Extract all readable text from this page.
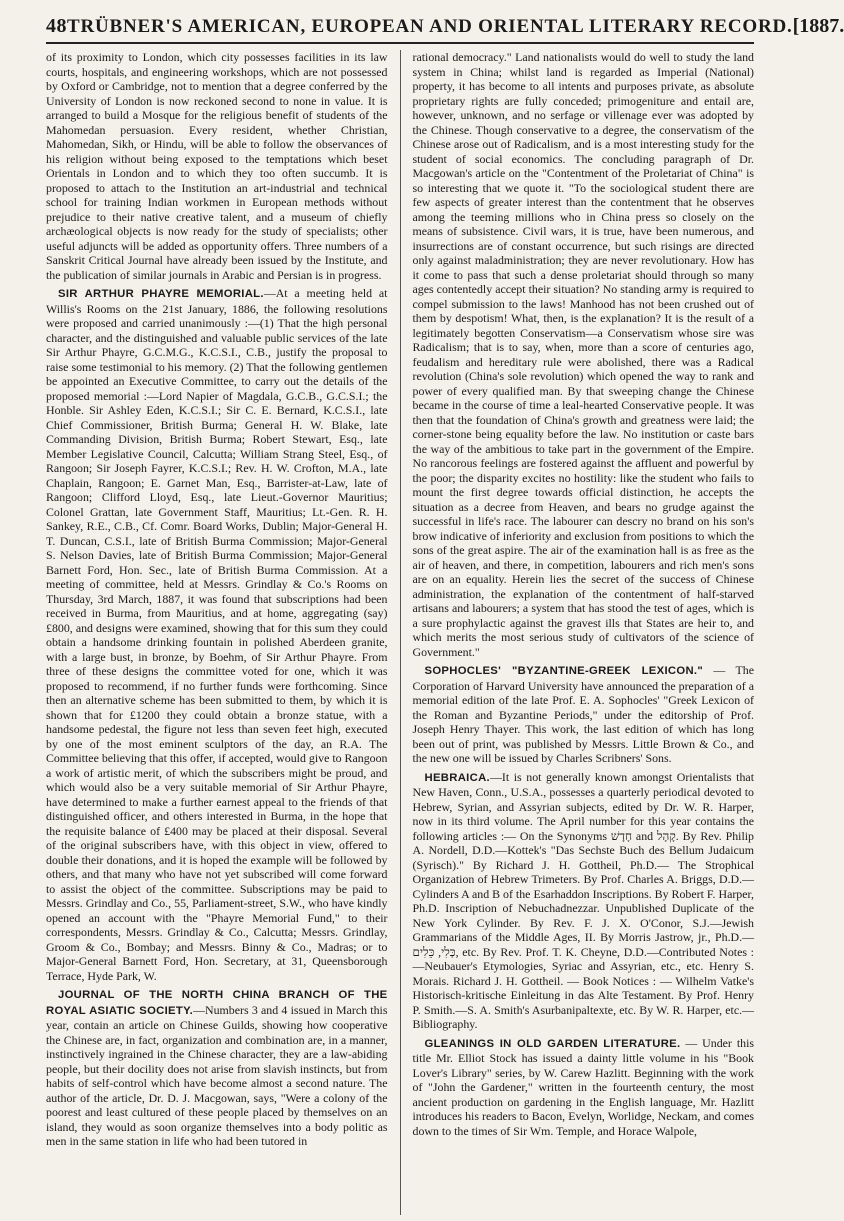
48 TRÜBNER'S AMERICAN, EUROPEAN AND ORIENTAL LITERARY RECORD. [1887.

of its proximity to London, which city possesses facilities in its law courts, hospitals, and engineering workshops, which are not possessed by Oxford or Cambridge, not to mention that a degree conferred by the University of London is now reckoned second to none in value. It is arranged to build a Mosque for the religious benefit of students of the Mahomedan persuasion. Every resident, whether Christian, Mahomedan, Sikh, or Hindu, will be able to follow the observances of his religion without being exposed to the temptations which beset Orientals in London and to which they too often succumb. It is proposed to attach to the Institution an art-industrial and technical school for training Indian workmen in European methods without prejudice to their native creative talent, and a museum of chiefly archæological objects is now ready for the study of specialists; other useful adjuncts will be added as opportunity offers. Three numbers of a Sanskrit Critical Journal have already been issued by the Institute, and the publication of similar journals in Arabic and Persian is in progress.

SIR ARTHUR PHAYRE MEMORIAL.—At a meeting held at Willis's Rooms on the 21st January, 1886, the following resolutions were proposed and carried unanimously :—(1) That the high personal character, and the distinguished and valuable public services of the late Sir Arthur Phayre, G.C.M.G., K.C.S.I., C.B., justify the proposal to raise some testimonial to his memory. (2) That the following gentlemen be appointed an Executive Committee, to carry out the details of the proposed memorial :—Lord Napier of Magdala, G.C.B., G.C.S.I.; the Honble. Sir Ashley Eden, K.C.S.I.; Sir C. E. Bernard, K.C.S.I., late Chief Commissioner, British Burma; General H. W. Blake, late Commanding Division, British Burma; Robert Stewart, Esq., late Member Legislative Council, Calcutta; William Strang Steel, Esq., of Rangoon; Sir Joseph Fayrer, K.C.S.I.; Rev. H. W. Crofton, M.A., late Chaplain, Rangoon; E. Garnet Man, Esq., Barrister-at-Law, late of Rangoon; Clifford Lloyd, Esq., late Lieut.-Governor Mauritius; Colonel Grattan, late Government Staff, Mauritius; Lt.-Gen. R. H. Sankey, R.E., C.B., Cf. Comr. Board Works, Dublin; Major-General H. T. Duncan, C.S.I., late of British Burma Commission; Major-General S. Nelson Davies, late of British Burma Commission; Major-General Barnett Ford, Hon. Sec., late of British Burma Commission. At a meeting of committee, held at Messrs. Grindlay & Co.'s Rooms on Thursday, 3rd March, 1887, it was found that subscriptions had been received in Burma, from Mauritius, and at home, aggregating (say) £800, and designs were examined, showing that for this sum they could obtain a handsome drinking fountain in polished Aberdeen granite, with a large bust, in bronze, by Boehm, of Sir Arthur Phayre. From three of these designs the committee voted for one, which it was proposed to recommend, if no further funds were forthcoming. Since then an alternative scheme has been submitted to them, by which it is shown that for £1200 they could obtain a bronze statue, with a handsome pedestal, the figure not less than seven feet high, executed by one of the most eminent sculptors of the day, an R.A. The Committee believing that this offer, if accepted, would give to Rangoon a work of artistic merit, of which the subscribers might be proud, and which would also be a very suitable memorial of Sir Arthur Phayre, have determined to make a further earnest appeal to the friends of that distinguished officer, and others interested in Burma, in the hope that the requisite balance of £400 may be placed at their disposal. Several of the original subscribers have, with this object in view, offered to double their donations, and it is hoped the example will be followed by others, and that many who have not yet subscribed will come forward to assist the object of the committee. Subscriptions may be paid to Messrs. Grindlay and Co., 55, Parliament-street, S.W., who have kindly opened an account with the "Phayre Memorial Fund," to their correspondents, Messrs. Grindlay & Co., Calcutta; Messrs. Grindlay, Groom & Co., Bombay; and Messrs. Binny & Co., Madras; or to Major-General Barnett Ford, Hon. Secretary, at 31, Queensborough Terrace, Hyde Park, W.

JOURNAL OF THE NORTH CHINA BRANCH OF THE ROYAL ASIATIC SOCIETY.—Numbers 3 and 4 issued in March this year, contain an article on Chinese Guilds, showing how cooperative the Chinese are, in fact, organization and combination are, in a manner, instinctively ingrained in the Chinese character, they are a law-abiding people, but their docility does not arise from slavish instincts, but from habits of self-control which have become almost a second nature. The author of the article, Dr. D. J. Macgowan, says, "Were a colony of the poorest and least cultured of these people placed by themselves on an island, they would as soon organize themselves into a body politic as men in the same station in life who had been tutored in

rational democracy." Land nationalists would do well to study the land system in China; whilst land is regarded as Imperial (National) property, it has become to all intents and purposes private, as absolute proprietary rights are fully conceded; primogeniture and entail are, however, unknown, and no serfage or villenage ever was adopted by the Chinese. Though conservative to a degree, the conservatism of the Chinese arose out of Radicalism, and is a most interesting study for the student of social economics. The concluding paragraph of Dr. Macgowan's article on the "Contentment of the Proletariat of China" is so interesting that we quote it. "To the sociological student there are few aspects of greater interest than the contentment that he observes among the teeming millions who in China press so closely on the means of subsistence. Civil wars, it is true, have been numerous, and insurrections are of constant occurrence, but such risings are directed only against maladministration; they are never revolutionary. How has it come to pass that such a dense proletariat should through so many ages contentedly accept their situation? No standing army is required to compel submission to the laws! Manhood has not been crushed out of them by despotism! What, then, is the explanation? It is the result of a legitimately begotten Conservatism—a Conservatism whose sire was Radicalism; that is to say, when, more than a score of centuries ago, feudalism and hereditary rule were abolished, there was a Radical revolution (China's sole revolution) which opened the way to rank and power of every qualified man. By that sweeping change the Chinese became in the course of time a leal-hearted Conservative people. It was then that the foundation of China's growth and greatness were laid; the corner-stone being equality before the law. No institution or caste bars the way of the ambitious to take part in the government of the Empire. No rancorous feelings are fostered against the affluent and powerful by the poor; the disparity excites no hostility: like the student who fails to mount the first degree towards official distinction, he accepts the situation as a decree from Heaven, and bears no grudge against the successful in life's race. The labourer can descry no brand on his son's brow indicative of inferiority and exclusion from positions to which the sons of the great aspire. The air of the examination hall is as free as the air of heaven, and there, in competition, labourers and rich men's sons are on an equality. Herein lies the secret of the success of Chinese administration, the explanation of the contentment of half-starved artisans and labourers; a system that has stood the test of ages, which is a sure prophylactic against the gravest ills that States are heir to, and which merits the most serious study of cultivators of the science of Government."

SOPHOCLES' "BYZANTINE-GREEK LEXICON." — The Corporation of Harvard University have announced the preparation of a memorial edition of the late Prof. E. A. Sophocles' "Greek Lexicon of the Roman and Byzantine Periods," under the editorship of Prof. Joseph Henry Thayer. This work, the last edition of which has long been out of print, was published by Messrs. Little Brown & Co., and the new one will be issued by Charles Scribners' Sons.

HEBRAICA.—It is not generally known amongst Orientalists that New Haven, Conn., U.S.A., possesses a quarterly periodical devoted to Hebrew, Syrian, and Assyrian subjects, edited by Dr. W. R. Harper, now in its third volume. The April number for this year contains the following articles :— On the Synonyms חָדָשׁ and קָהָל. By Rev. Philip A. Nordell, D.D.—Kottek's "Das Sechste Buch des Bellum Judaicum (Syrisch)." By Richard J. H. Gottheil, Ph.D.— The Strophical Organization of Hebrew Trimeters. By Prof. Charles A. Briggs, D.D.—Cylinders A and B of the Esarhaddon Inscriptions. By Robert F. Harper, Ph.D. Inscription of Nebuchadnezzar. Unpublished Duplicate of the New York Cylinder. By Rev. F. J. X. O'Conor, S.J.—Jewish Grammarians of the Middle Ages, II. By Morris Jastrow, jr., Ph.D.—כְּלִי, כֵּלִים, etc. By Rev. Prof. T. K. Cheyne, D.D.—Contributed Notes :—Neubauer's Etymologies, Syriac and Assyrian, etc., etc. Henry S. Morais. Richard J. H. Gottheil. — Book Notices : — Wilhelm Vatke's Historisch-kritische Einleitung in das Alte Testament. By Prof. Henry P. Smith.—S. A. Smith's Asurbanipaltexte, etc. By W. R. Harper, etc.—Bibliography.

GLEANINGS IN OLD GARDEN LITERATURE. — Under this title Mr. Elliot Stock has issued a dainty little volume in his "Book Lover's Library" series, by W. Carew Hazlitt. Beginning with the work of "John the Gardener," written in the fourteenth century, the most ancient production on gardening in the English language, Mr. Hazlitt introduces his readers to Bacon, Evelyn, Worlidge, Neckam, and comes down to the times of Sir Wm. Temple, and Horace Walpole,
